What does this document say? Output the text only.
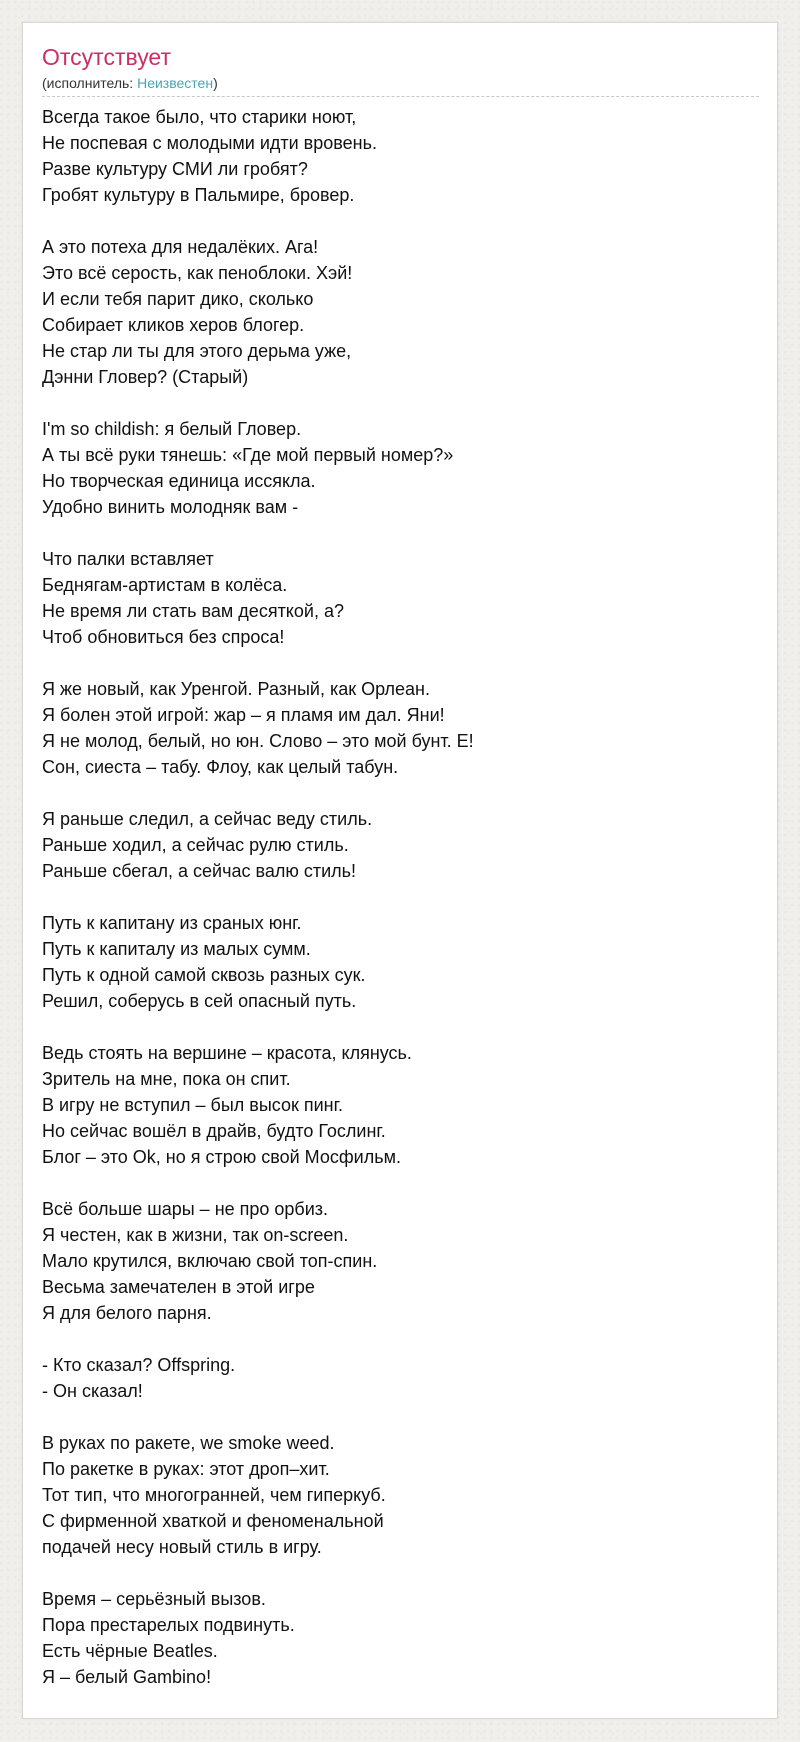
Отсутствует
(исполнитель: Неизвестен)
Всегда такое было, что старики ноют,
Не поспевая с молодыми идти вровень.
Разве культуру СМИ ли гробят?
Гробят культуру в Пальмире, бровер.
А это потеха для недалёких. Ага!
Это всё серость, как пеноблоки. Хэй!
И если тебя парит дико, сколько
Собирает кликов херов блогер.
Не стар ли ты для этого дерьма уже,
Дэнни Гловер? (Старый)
I'm so childish: я белый Гловер.
А ты всё руки тянешь: «Где мой первый номер?»
Но творческая единица иссякла.
Удобно винить молодняк вам -
Что палки вставляет
Беднягам-артистам в колёса.
Не время ли стать вам десяткой, а?
Чтоб обновиться без спроса!
Я же новый, как Уренгой. Разный, как Орлеан.
Я болен этой игрой: жар – я пламя им дал. Яни!
Я не молод, белый, но юн. Слово – это мой бунт. Е!
Сон, сиеста – табу. Флоу, как целый табун.
Я раньше следил, а сейчас веду стиль.
Раньше ходил, а сейчас рулю стиль.
Раньше сбегал, а сейчас валю стиль!
Путь к капитану из сраных юнг.
Путь к капиталу из малых сумм.
Путь к одной самой сквозь разных сук.
Решил, соберусь в сей опасный путь.
Ведь стоять на вершине – красота, клянусь.
Зритель на мне, пока он спит.
В игру не вступил – был высок пинг.
Но сейчас вошёл в драйв, будто Гослинг.
Блог – это Ok, но я строю свой Мосфильм.
Всё больше шары – не про орбиз.
Я честен, как в жизни, так on-screen.
Мало крутился, включаю свой топ-спин.
Весьма замечателен в этой игре
Я для белого парня.
- Кто сказал? Offspring.
- Он сказал!
В руках по ракете, we smoke weed.
По ракетке в руках: этот дроп–хит.
Тот тип, что многогранней, чем гиперкуб.
С фирменной хваткой и феноменальной
подачей несу новый стиль в игру.
Время – серьёзный вызов.
Пора престарелых подвинуть.
Есть чёрные Beatles.
Я – белый Gambino!
